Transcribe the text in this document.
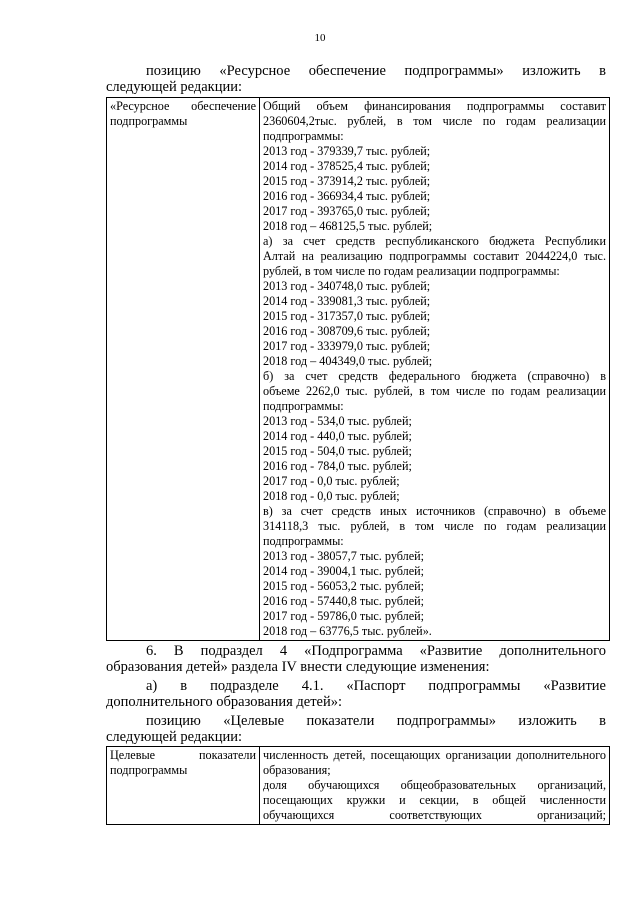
10
позицию «Ресурсное обеспечение подпрограммы» изложить в
следующей редакции:
«Ресурсное обеспечение
подпрограммы

Общий объем финансирования подпрограммы составит
2360604,2тыс. рублей, в том числе по годам реализации
подпрограммы:
2013 год - 379339,7 тыс. рублей;
2014 год - 378525,4 тыс. рублей;
2015 год - 373914,2 тыс. рублей;
2016 год - 366934,4 тыс. рублей;
2017 год - 393765,0 тыс. рублей;
2018 год – 468125,5 тыс. рублей;
а) за счет средств республиканского бюджета Республики
Алтай на реализацию подпрограммы составит 2044224,0 тыс.
рублей, в том числе по годам реализации подпрограммы:
2013 год - 340748,0 тыс. рублей;
2014 год - 339081,3 тыс. рублей;
2015 год - 317357,0 тыс. рублей;
2016 год - 308709,6 тыс. рублей;
2017 год - 333979,0 тыс. рублей;
2018 год – 404349,0 тыс. рублей;
б) за счет средств федерального бюджета (справочно) в
объеме 2262,0 тыс. рублей, в том числе по годам реализации
подпрограммы:
2013 год - 534,0 тыс. рублей;
2014 год - 440,0 тыс. рублей;
2015 год - 504,0 тыс. рублей;
2016 год - 784,0 тыс. рублей;
2017 год - 0,0 тыс. рублей;
2018 год - 0,0 тыс. рублей;
в) за счет средств иных источников (справочно) в объеме
314118,3 тыс. рублей, в том числе по годам реализации
подпрограммы:
2013 год - 38057,7 тыс. рублей;
2014 год - 39004,1 тыс. рублей;
2015 год - 56053,2 тыс. рублей;
2016 год - 57440,8 тыс. рублей;
2017 год - 59786,0 тыс. рублей;
2018 год – 63776,5 тыс. рублей».
6. В подраздел 4 «Подпрограмма «Развитие дополнительного
образования детей» раздела IV внести следующие изменения:
а) в подразделе 4.1. «Паспорт подпрограммы «Развитие
дополнительного образования детей»:
позицию «Целевые показатели подпрограммы» изложить в
следующей редакции:
Целевые показатели
подпрограммы

численность детей, посещающих организации дополнительного образования;
доля обучающихся общеобразовательных организаций, посещающих кружки и секции, в общей численности обучающихся соответствующих организаций;
